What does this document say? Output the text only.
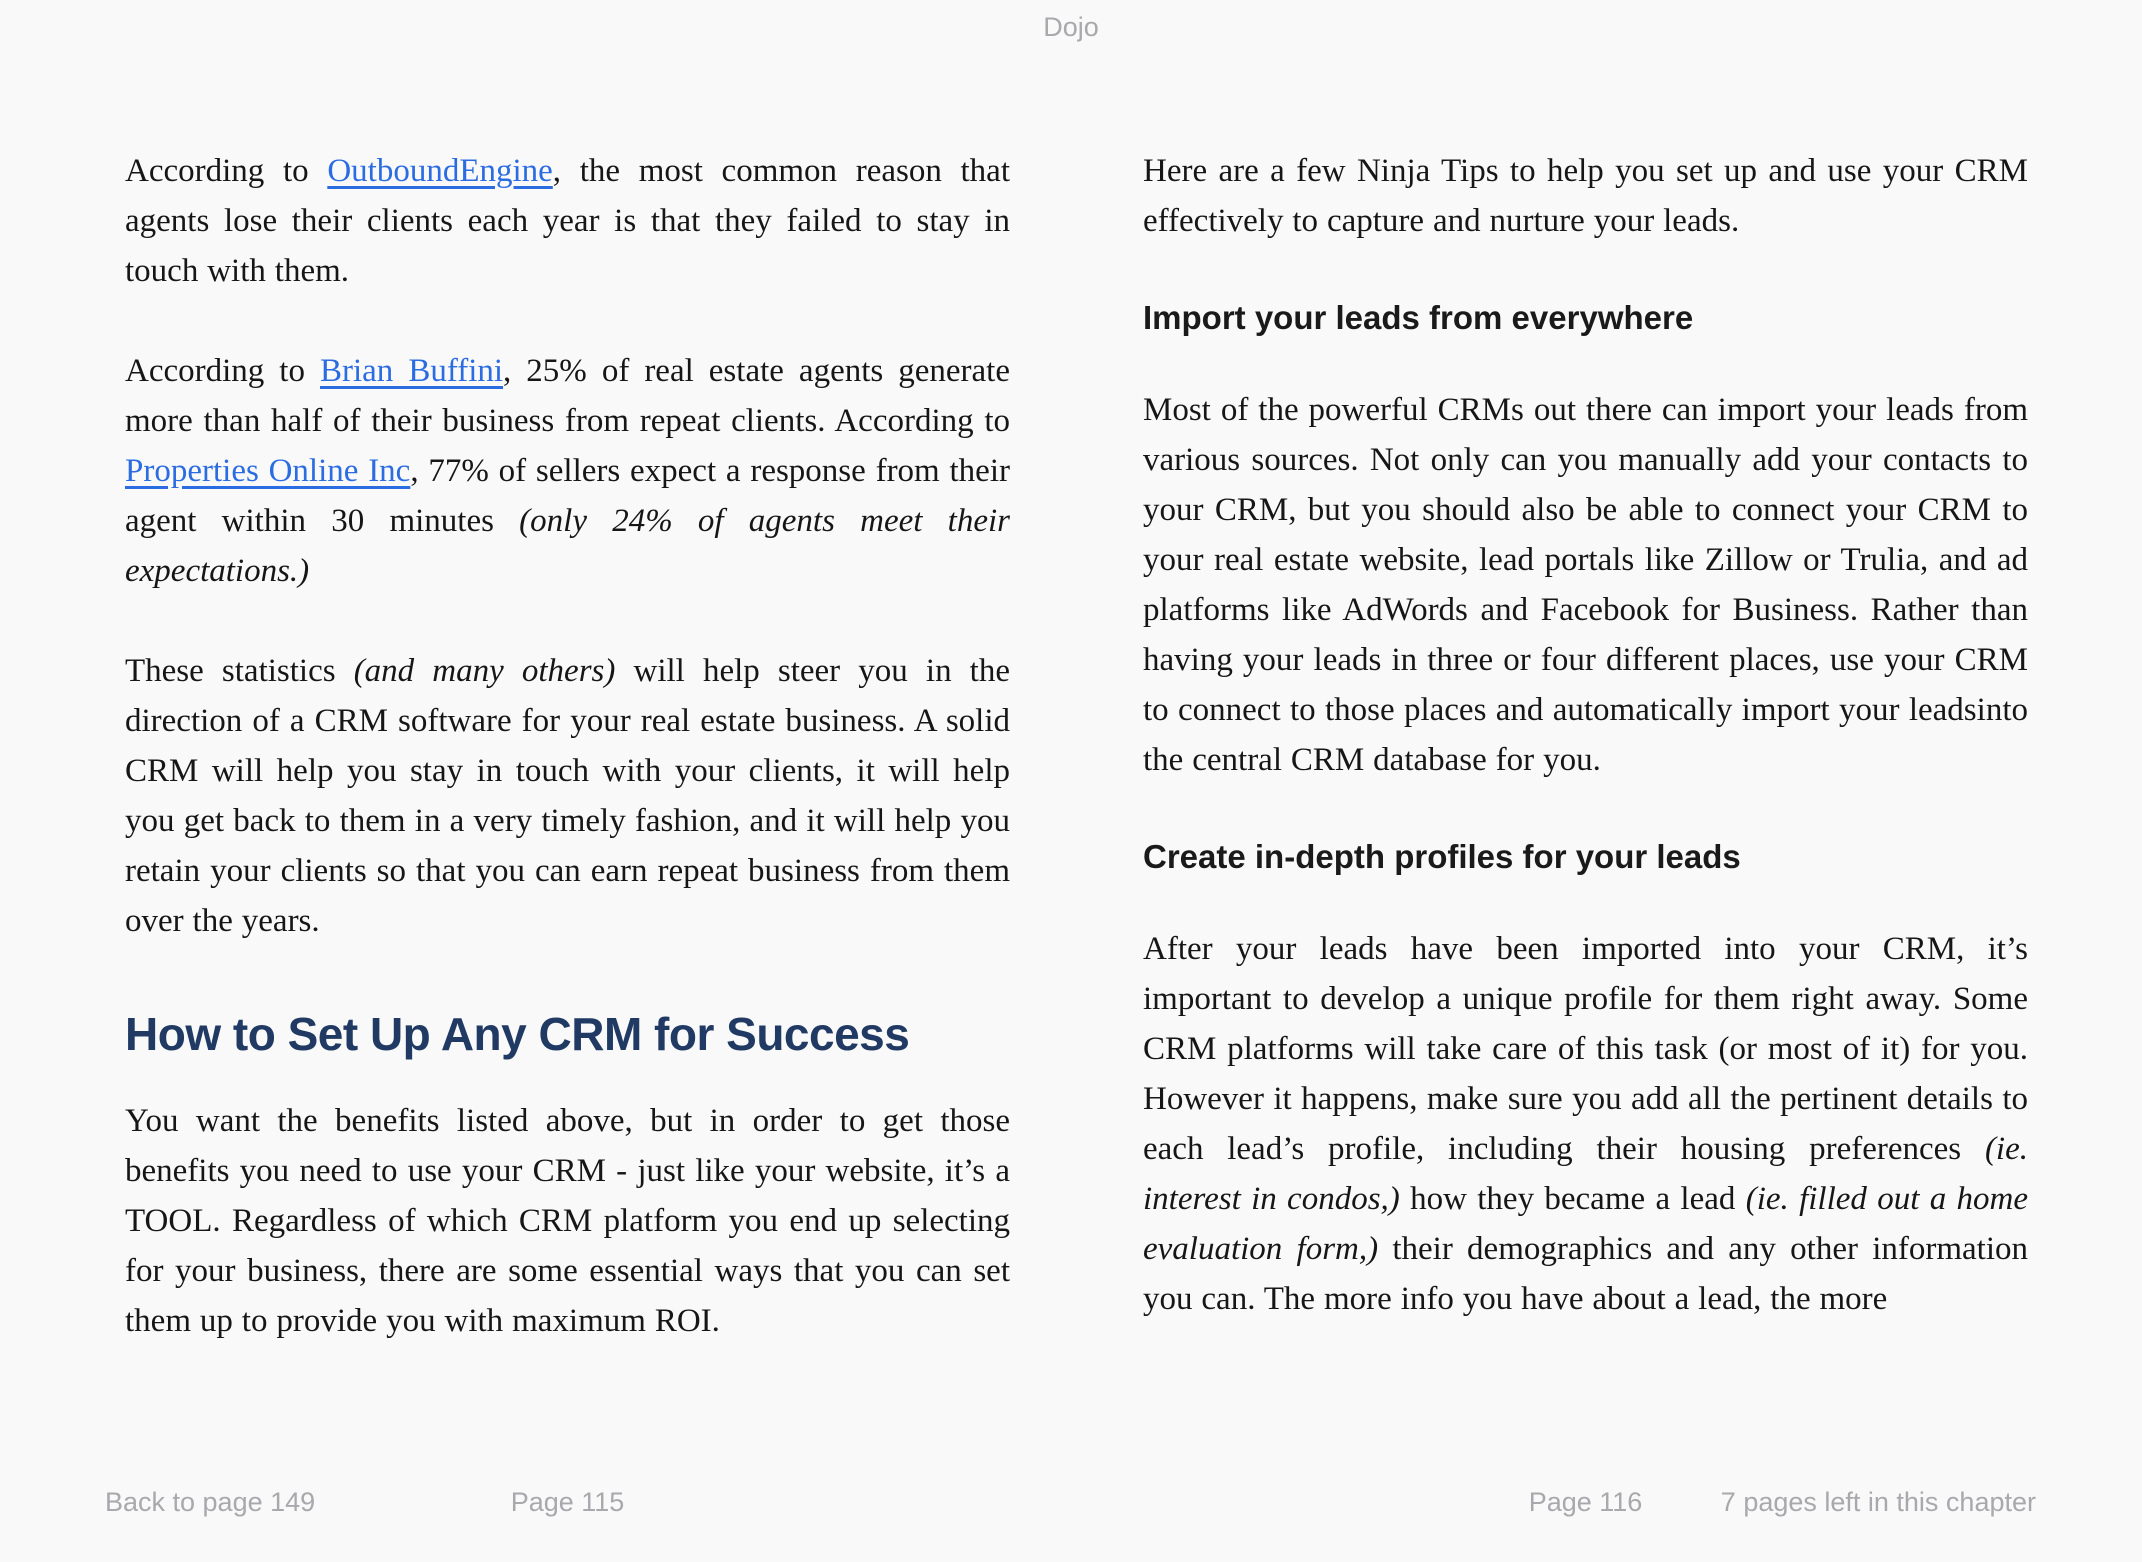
Dojo

According to OutboundEngine, the most common reason that agents lose their clients each year is that they failed to stay in touch with them.

According to Brian Buffini, 25% of real estate agents generate more than half of their business from repeat clients. According to Properties Online Inc, 77% of sellers expect a response from their agent within 30 minutes (only 24% of agents meet their expectations.)

These statistics (and many others) will help steer you in the direction of a CRM software for your real estate business. A solid CRM will help you stay in touch with your clients, it will help you get back to them in a very timely fashion, and it will help you retain your clients so that you can earn repeat business from them over the years.

How to Set Up Any CRM for Success

You want the benefits listed above, but in order to get those benefits you need to use your CRM - just like your website, it’s a TOOL. Regardless of which CRM platform you end up selecting for your business, there are some essential ways that you can set them up to provide you with maximum ROI.

Here are a few Ninja Tips to help you set up and use your CRM effectively to capture and nurture your leads.

Import your leads from everywhere

Most of the powerful CRMs out there can import your leads from various sources. Not only can you manually add your contacts to your CRM, but you should also be able to connect your CRM to your real estate website, lead portals like Zillow or Trulia, and ad platforms like AdWords and Facebook for Business. Rather than having your leads in three or four different places, use your CRM to connect to those places and automatically import your leadsinto the central CRM database for you.

Create in-depth profiles for your leads

After your leads have been imported into your CRM, it’s important to develop a unique profile for them right away. Some CRM platforms will take care of this task (or most of it) for you. However it happens, make sure you add all the pertinent details to each lead’s profile, including their housing preferences (ie. interest in condos,) how they became a lead (ie. filled out a home evaluation form,) their demographics and any other information you can. The more info you have about a lead, the more

Back to page 149	Page 115	Page 116	7 pages left in this chapter
